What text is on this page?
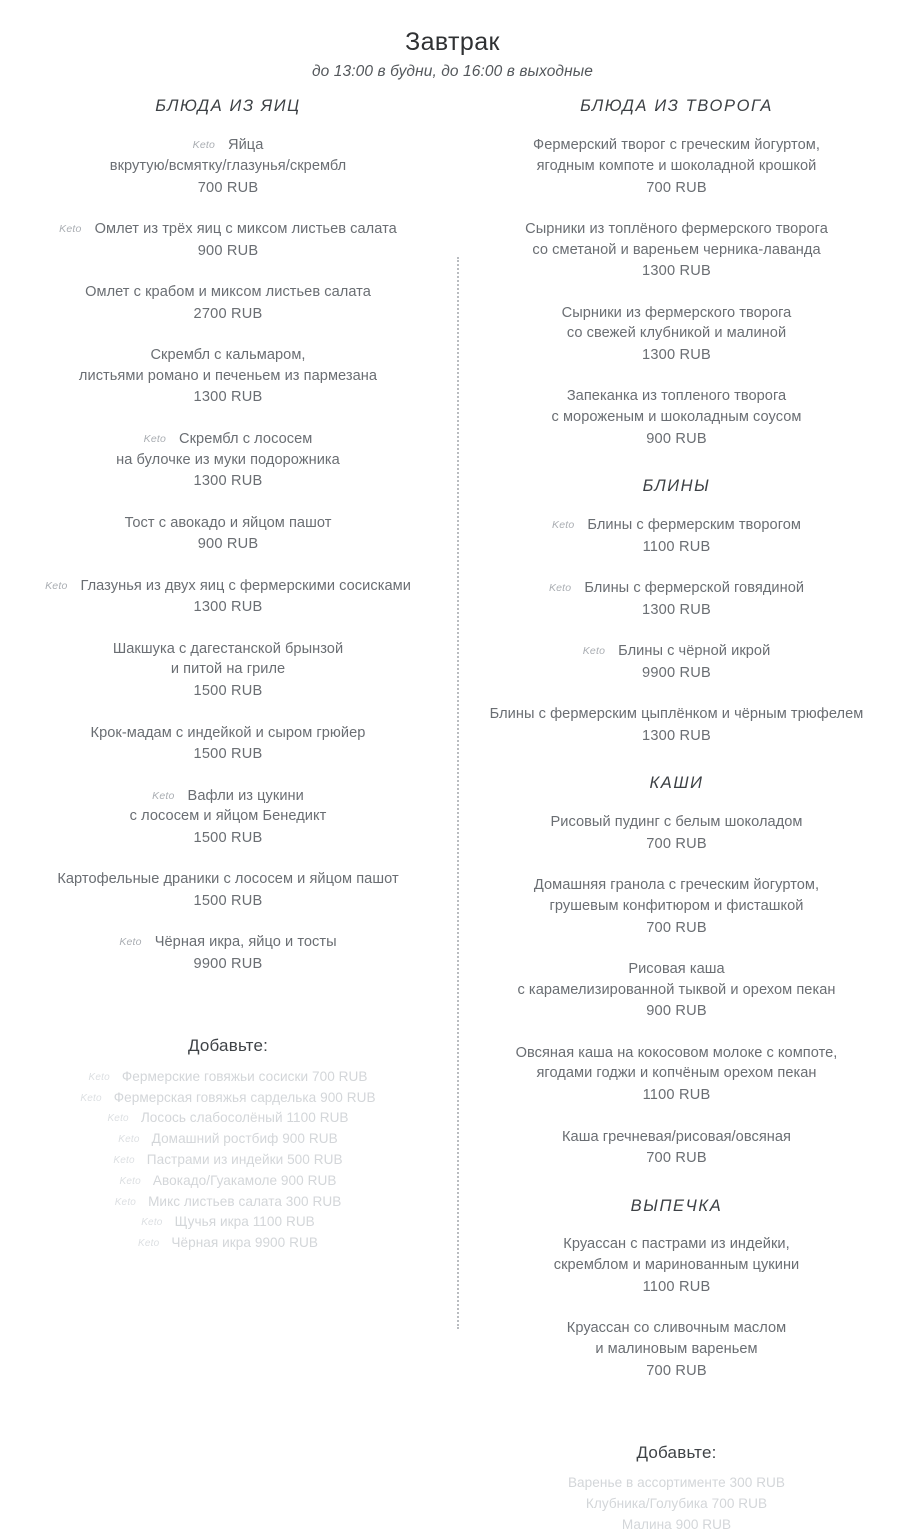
Завтрак
до 13:00 в будни, до 16:00 в выходные
БЛЮДА ИЗ ЯИЦ
Keto Яйца
вкрутую/всмятку/глазунья/скрембл
700 RUB
Keto Омлет из трёх яиц с миксом листьев салата
900 RUB
Омлет с крабом и миксом листьев салата
2700 RUB
Скрембл с кальмаром,
листьями романо и печеньем из пармезана
1300 RUB
Keto Скрембл с лососем
на булочке из муки подорожника
1300 RUB
Тост с авокадо и яйцом пашот
900 RUB
Keto Глазунья из двух яиц с фермерскими сосисками
1300 RUB
Шакшука с дагестанской брынзой
и питой на гриле
1500 RUB
Крок-мадам с индейкой и сыром грюйер
1500 RUB
Keto Вафли из цукини
с лососем и яйцом Бенедикт
1500 RUB
Картофельные драники с лососем и яйцом пашот
1500 RUB
Keto Чёрная икра, яйцо и тосты
9900 RUB
Добавьте:
Keto Фермерские говяжьи сосиски 700 RUB
Keto Фермерская говяжья сарделька 900 RUB
Keto Лосось слабосолёный 1100 RUB
Keto Домашний ростбиф 900 RUB
Keto Пастрами из индейки 500 RUB
Keto Авокадо/Гуакамоле 900 RUB
Keto Микс листьев салата 300 RUB
Keto Щучья икра 1100 RUB
Keto Чёрная икра 9900 RUB
БЛЮДА ИЗ ТВОРОГА
Фермерский творог с греческим йогуртом,
ягодным компоте и шоколадной крошкой
700 RUB
Сырники из топлёного фермерского творога
со сметаной и вареньем черника-лаванда
1300 RUB
Сырники из фермерского творога
со свежей клубникой и малиной
1300 RUB
Запеканка из топленого творога
с мороженым и шоколадным соусом
900 RUB
БЛИНЫ
Keto Блины с фермерским творогом
1100 RUB
Keto Блины с фермерской говядиной
1300 RUB
Keto Блины с чёрной икрой
9900 RUB
Блины с фермерским цыплёнком и чёрным трюфелем
1300 RUB
КАШИ
Рисовый пудинг с белым шоколадом
700 RUB
Домашняя гранола с греческим йогуртом,
грушевым конфитюром и фисташкой
700 RUB
Рисовая каша
с карамелизированной тыквой и орехом пекан
900 RUB
Овсяная каша на кокосовом молоке с компоте,
ягодами годжи и копчёным орехом пекан
1100 RUB
Каша гречневая/рисовая/овсяная
700 RUB
ВЫПЕЧКА
Круассан с пастрами из индейки,
скремблом и маринованным цукини
1100 RUB
Круассан со сливочным маслом
и малиновым вареньем
700 RUB
Добавьте:
Варенье в ассортименте 300 RUB
Клубника/Голубика 700 RUB
Малина 900 RUB
